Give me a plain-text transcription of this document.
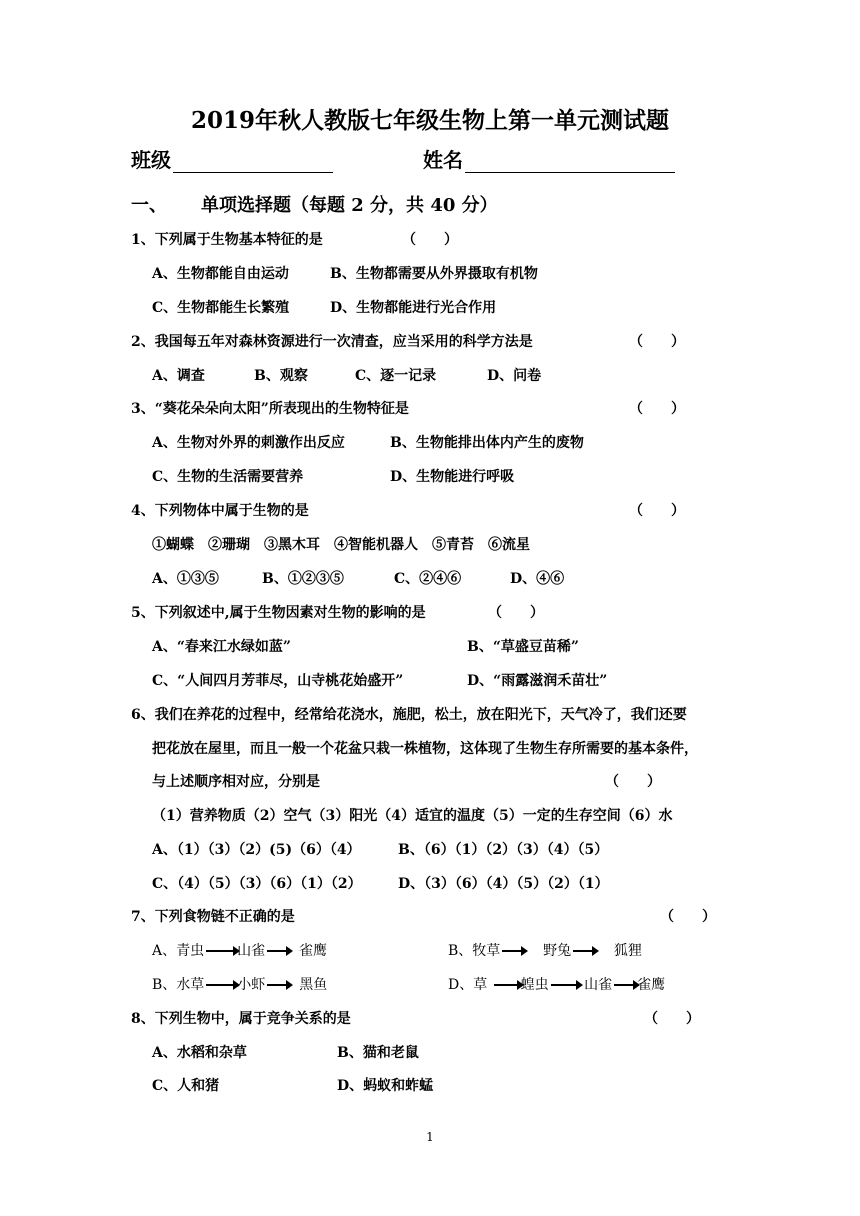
2019年秋人教版七年级生物上第一单元测试题
班级	姓名
一、 单项选择题（每题 2 分，共 40 分）
1、下列属于生物基本特征的是	（　　）
A、生物都能自由运动	B、生物都需要从外界摄取有机物
C、生物都能生长繁殖	D、生物都能进行光合作用
2、我国每五年对森林资源进行一次清查，应当采用的科学方法是	（　　）
A、调查	B、观察	C、逐一记录	D、问卷
3、“葵花朵朵向太阳”所表现出的生物特征是	（　　）
A、生物对外界的刺激作出反应	B、生物能排出体内产生的废物
C、生物的生活需要营养	D、生物能进行呼吸
4、下列物体中属于生物的是	（　　）
①蝴蝶　②珊瑚　③黑木耳　④智能机器人　⑤青苔　⑥流星
A、①③⑤	B、①②③⑤	C、②④⑥	D、④⑥
5、下列叙述中,属于生物因素对生物的影响的是	（　　）
A、“春来江水绿如蓝”	B、“草盛豆苗稀”
C、“人间四月芳菲尽，山寺桃花始盛开”	D、“雨露滋润禾苗壮”
6、我们在养花的过程中，经常给花浇水，施肥，松土，放在阳光下，天气冷了，我们还要
把花放在屋里，而且一般一个花盆只栽一株植物，这体现了生物生存所需要的基本条件，
与上述顺序相对应，分别是	（　　）
（1）营养物质（2）空气（3）阳光（4）适宜的温度（5）一定的生存空间（6）水
A、（1）（3）（2）(5)（6）（4）	B、（6）（1）（2）（3）（4）（5）
C、（4）（5）（3）（6）（1）（2）	D、（3）（6）（4）（5）（2）（1）
7、下列食物链不正确的是	（　　）
A、青虫 山雀 雀鹰	B、牧草	野兔	狐狸
B、水草 小虾 黑鱼	D、草 蝗虫	山雀 雀鹰
8、下列生物中，属于竞争关系的是	（　　）
A、水稻和杂草	B、猫和老鼠
C、人和猪	D、蚂蚁和蚱蜢
1
